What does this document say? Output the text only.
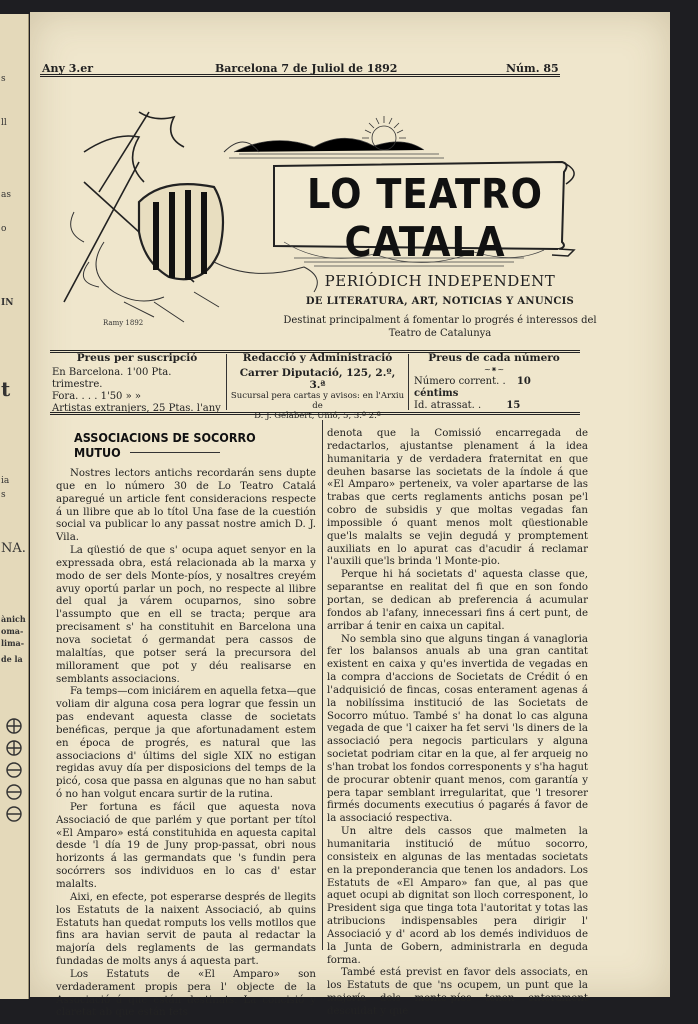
s
ll
as
o
IN
t
ia
s
NA.
ànich
oma-
lima-
de la
Any 3.er	Barcelona 7 de Juliol de 1892	Núm. 85
Ramy 1892
LO TEATRO CATALA
PERIÓDICH INDEPENDENT
DE LITERATURA, ART, NOTICIAS Y ANUNCIS
Destinat principalment á fomentar lo progrés é interessos del Teatro de Catalunya
Preus per suscripció
En Barcelona. 1'00 Pta. trimestre.
Fora. . . . 1'50 » »
Artistas extranjers, 25 Ptas. l'any
Redacció y Administració
Carrer Diputació, 125, 2.º, 3.ª
Sucursal pera cartas y avisos: en l'Arxiu de
D. J. Gelabert, Unió, 5, 3.º 2.ª
Preus de cada número
~⁕~
Número corrent. . 10 céntims
Id. atrassat. .	15
ASSOCIACIONS DE SOCORRO MUTUO

Nostres lectors antichs recordarán sens dupte que en lo número 30 de Lo Teatro Catalá aparegué un article fent consideracions respecte á un llibre que ab lo títol Una fase de la cuestión social va publicar lo any passat nostre amich D. J. Vila.

La qüestió de que s' ocupa aquet senyor en la expressada obra, está relacionada ab la marxa y modo de ser dels Monte-píos, y nosaltres creyém avuy oportú parlar un poch, no respecte al llibre del qual ja várem ocuparnos, sino sobre l'assumpto que en ell se tracta; perque ara precisament s' ha constituhit en Barcelona una nova societat ó germandat pera cassos de malaltías, que potser será la precursora del millorament que pot y déu realisarse en semblants associacions.

Fa temps—com iniciárem en aquella fetxa—que voliam dir alguna cosa pera lograr que fessin un pas endevant aquesta classe de societats benéficas, perque ja que afortunadament estem en época de progrés, es natural que las associacions d' últims del sigle XIX no estigan regidas avuy día per disposicions del temps de la picó, cosa que passa en algunas que no han sabut ó no han volgut encara surtir de la rutina.

Per fortuna es fácil que aquesta nova Associació de que parlém y que portant per títol «El Amparo» está constituhida en aquesta capital desde 'l día 19 de Juny prop-passat, obri nous horizonts á las germandats que 's fundin pera socórrers sos individuos en lo cas d' estar malalts.

Aixi, en efecte, pot esperarse després de llegits los Estatuts de la naixent Associació, ab quins Estatuts han quedat romputs los vells motllos que fins ara havian servit de pauta al redactar la majoría dels reglaments de las germandats fundadas de molts anys á aquesta part.

Los Estatuts de «El Amparo» son verdaderament propis pera l' objecte de la Associació á que están destinats. La concisió y claretat ab que están fets

denota que la Comissió encarregada de redactarlos, ajustantse plenament á la idea humanitaria y de verdadera fraternitat en que deuhen basarse las societats de la índole á que «El Amparo» perteneix, va voler apartarse de las trabas que certs reglaments antichs posan pe'l cobro de subsidis y que moltas vegadas fan impossible ó quant menos molt qüestionable que'ls malalts se vejin degudá y promptement auxiliats en lo apurat cas d'acudir á reclamar l'auxili que'ls brinda 'l Monte-pio.

Perque hi há societats d' aquesta classe que, separantse en realitat del fi que en son fondo portan, se dedican ab preferencia á acumular fondos ab l'afany, innecessari fins á cert punt, de arribar á tenir en caixa un capital.

No sembla sino que alguns tingan á vanagloria fer los balansos anuals ab una gran cantitat existent en caixa y qu'es invertida de vegadas en la compra d'accions de Societats de Crédit ó en l'adquisició de fincas, cosas enterament agenas á la nobilíssima institució de las Societats de Socorro mútuo. També s' ha donat lo cas alguna vegada de que 'l caixer ha fet servi 'ls diners de la associació pera negocis particulars y alguna societat podriam citar en la que, al fer arqueig no s'han trobat los fondos corresponents y s'ha hagut de procurar obtenir quant menos, com garantía y pera tapar semblant irregularitat, que 'l tresorer firmés documents executius ó pagarés á favor de la associació respectiva.

Un altre dels cassos que malmeten la humanitaria institució de mútuo socorro, consisteix en algunas de las mentadas societats en la preponderancia que tenen los andadors. Los Estatuts de «El Amparo» fan que, al pas que aquet ocupi ab dignitat son lloch corresponent, lo President siga que tinga tota l'autoritat y totas las atribucions indispensables pera dirigir l' Associació y d' acord ab los demés individuos de la Junta de Gobern, administrarla en deguda forma.

També está previst en favor dels associats, en los Estatuts de que 'ns ocupem, un punt que la majoría dels monte-píos tenen enterament descuidat y que
